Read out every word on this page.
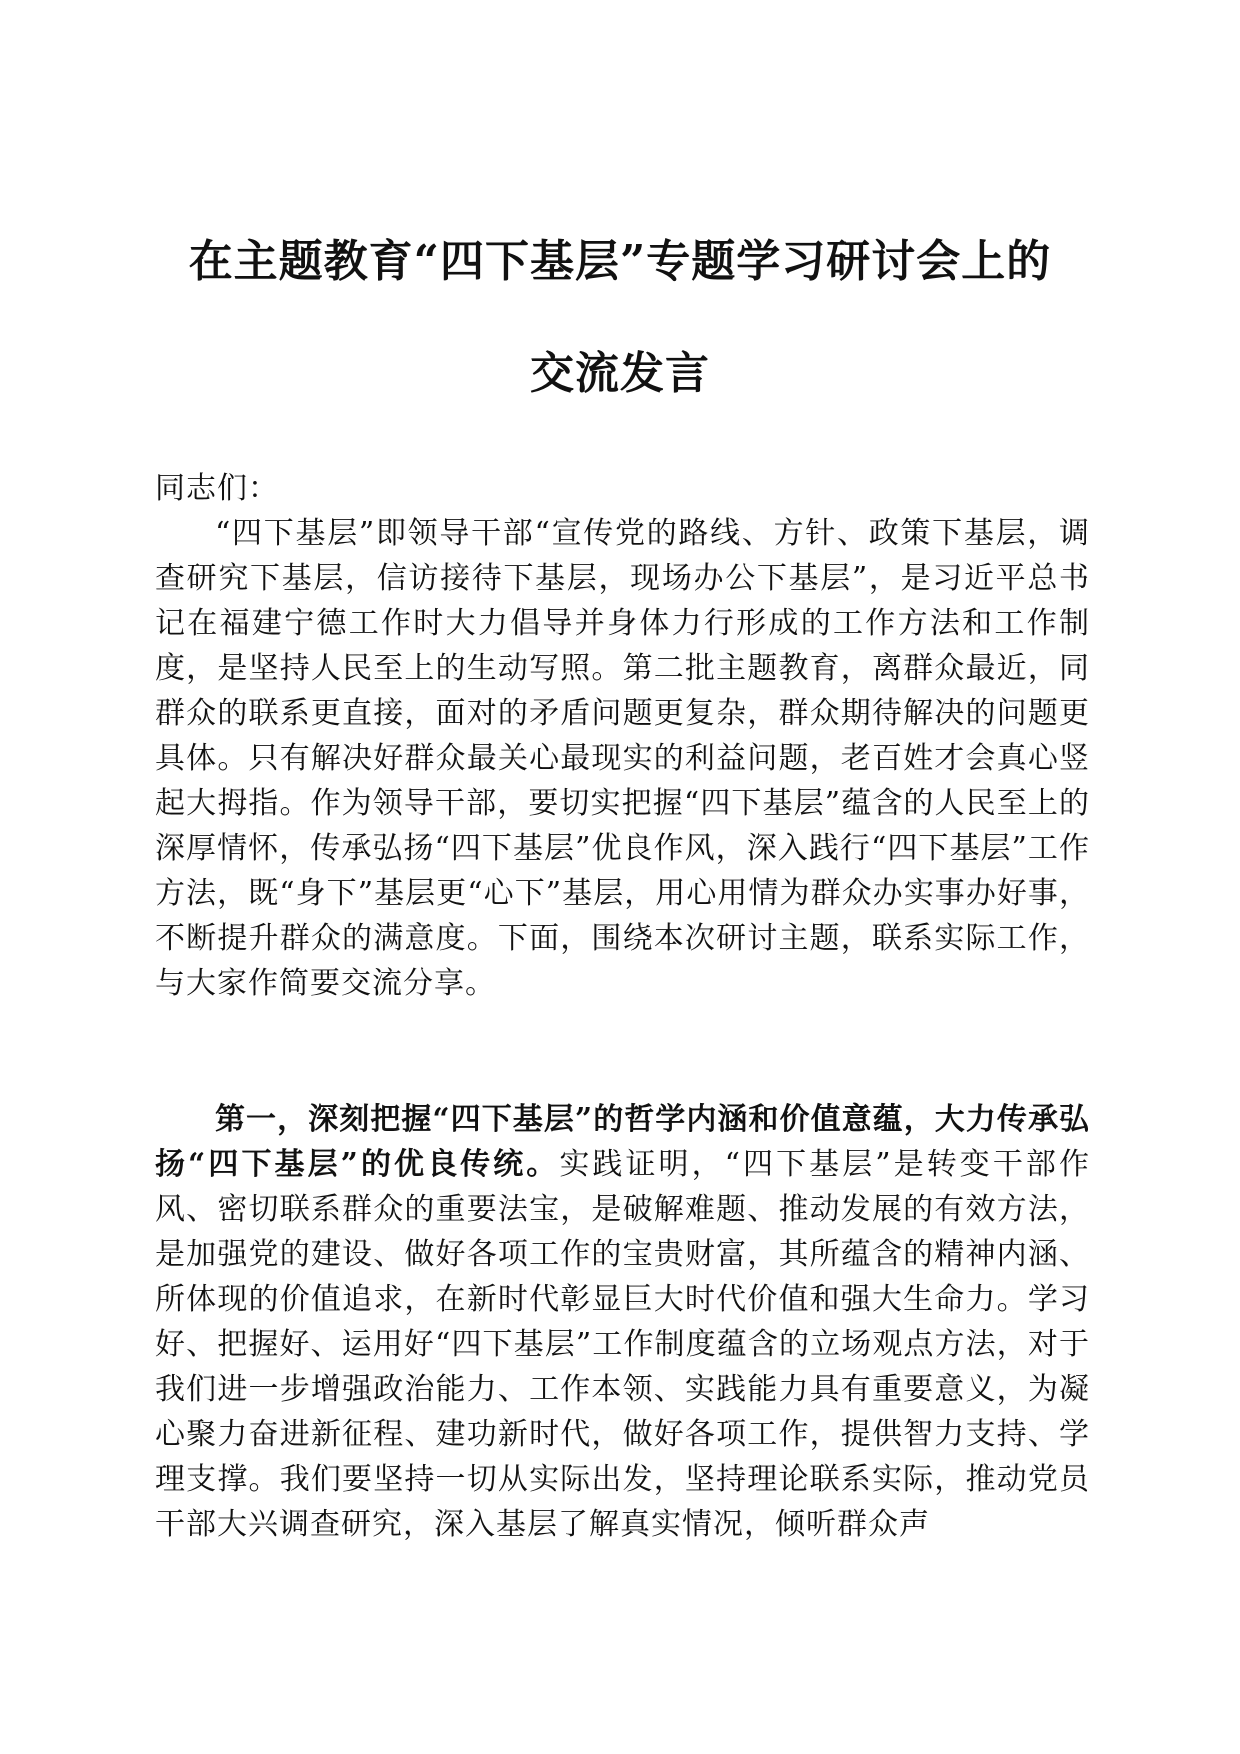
在主题教育“四下基层”专题学习研讨会上的
交流发言

同志们：

“四下基层”即领导干部“宣传党的路线、方针、政策下基层，调查研究下基层，信访接待下基层，现场办公下基层”，是习近平总书记在福建宁德工作时大力倡导并身体力行形成的工作方法和工作制度，是坚持人民至上的生动写照。第二批主题教育，离群众最近，同群众的联系更直接，面对的矛盾问题更复杂，群众期待解决的问题更具体。只有解决好群众最关心最现实的利益问题，老百姓才会真心竖起大拇指。作为领导干部，要切实把握“四下基层”蕴含的人民至上的深厚情怀，传承弘扬“四下基层”优良作风，深入践行“四下基层”工作方法，既“身下”基层更“心下”基层，用心用情为群众办实事办好事，不断提升群众的满意度。下面，围绕本次研讨主题，联系实际工作，与大家作简要交流分享。

第一，深刻把握“四下基层”的哲学内涵和价值意蕴，大力传承弘扬“四下基层”的优良传统。实践证明，“四下基层”是转变干部作风、密切联系群众的重要法宝，是破解难题、推动发展的有效方法，是加强党的建设、做好各项工作的宝贵财富，其所蕴含的精神内涵、所体现的价值追求，在新时代彰显巨大时代价值和强大生命力。学习好、把握好、运用好“四下基层”工作制度蕴含的立场观点方法，对于我们进一步增强政治能力、工作本领、实践能力具有重要意义，为凝心聚力奋进新征程、建功新时代，做好各项工作，提供智力支持、学理支撑。我们要坚持一切从实际出发，坚持理论联系实际，推动党员干部大兴调查研究，深入基层了解真实情况，倾听群众声
